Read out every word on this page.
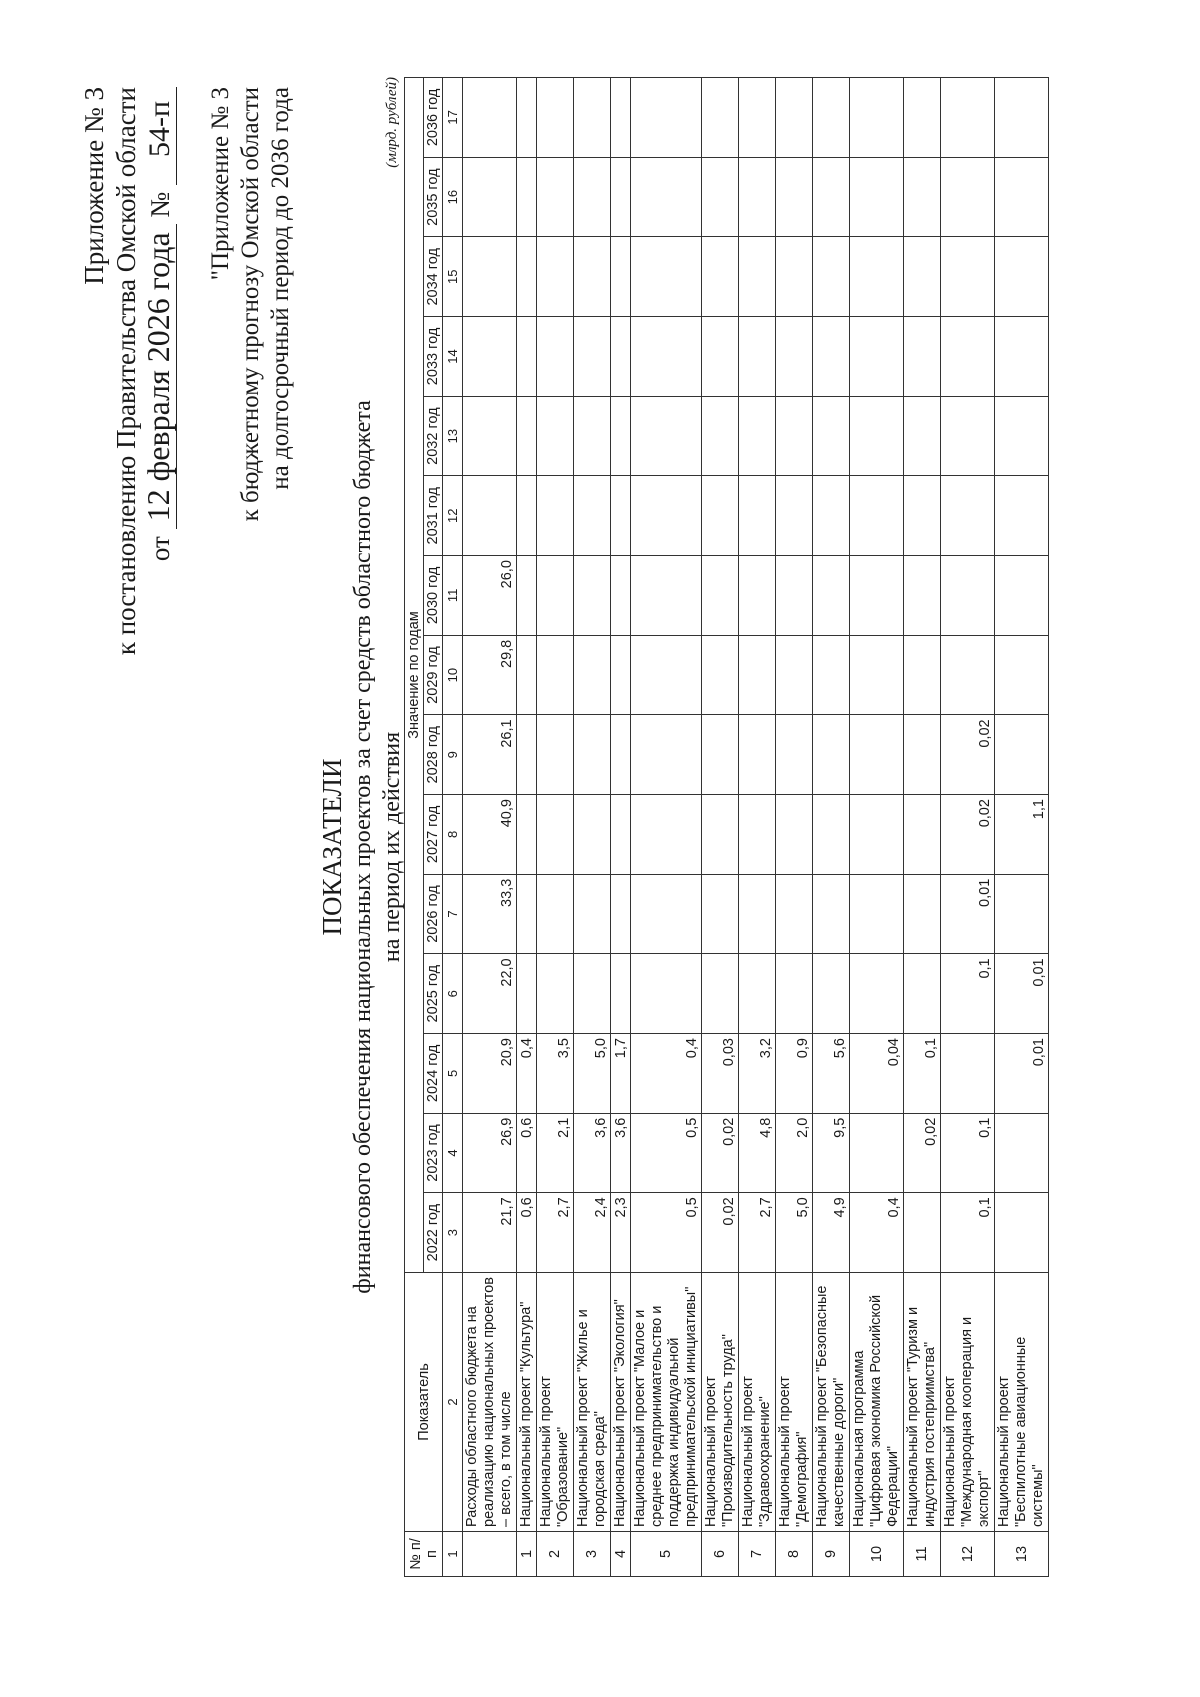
Приложение № 3 к постановлению Правительства Омской области от 12 февраля 2026 года № 54-п "Приложение № 3 к бюджетному прогнозу Омской области на долгосрочный период до 2036 года
ПОКАЗАТЕЛИ финансового обеспечения национальных проектов за счет средств областного бюджета на период их действия
(млрд. рублей)
№ п/п	Показатель	Значение по годам														
		2022 год	2023 год	2024 год	2025 год	2026 год	2027 год	2028 год	2029 год	2030 год	2031 год	2032 год	2033 год	2034 год	2035 год	2036 год
1	2	3	4	5	6	7	8	9	10	11	12	13	14	15	16	17
	Расходы областного бюджета на реализацию национальных проектов – всего, в том числе	21,7	26,9	20,9	22,0	33,3	40,9	26,1	29,8	26,0						
1	Национальный проект "Культура"	0,6	0,6	0,4												
2	Национальный проект "Образование"	2,7	2,1	3,5												
3	Национальный проект "Жилье и городская среда"	2,4	3,6	5,0												
4	Национальный проект "Экология"	2,3	3,6	1,7												
5	Национальный проект "Малое и среднее предпринимательство и поддержка индивидуальной предпринимательской инициативы"	0,5	0,5	0,4												
6	Национальный проект "Производительность труда"	0,02	0,02	0,03												
7	Национальный проект "Здравоохранение"	2,7	4,8	3,2												
8	Национальный проект "Демография"	5,0	2,0	0,9												
9	Национальный проект "Безопасные качественные дороги"	4,9	9,5	5,6												
10	Национальная программа "Цифровая экономика Российской Федерации"	0,4		0,04												
11	Национальный проект "Туризм и индустрия гостеприимства"		0,02	0,1												
12	Национальный проект "Международная кооперация и экспорт"	0,1	0,1		0,1	0,01	0,02	0,02								
13	Национальный проект "Беспилотные авиационные системы"			0,01	0,01		1,1									
